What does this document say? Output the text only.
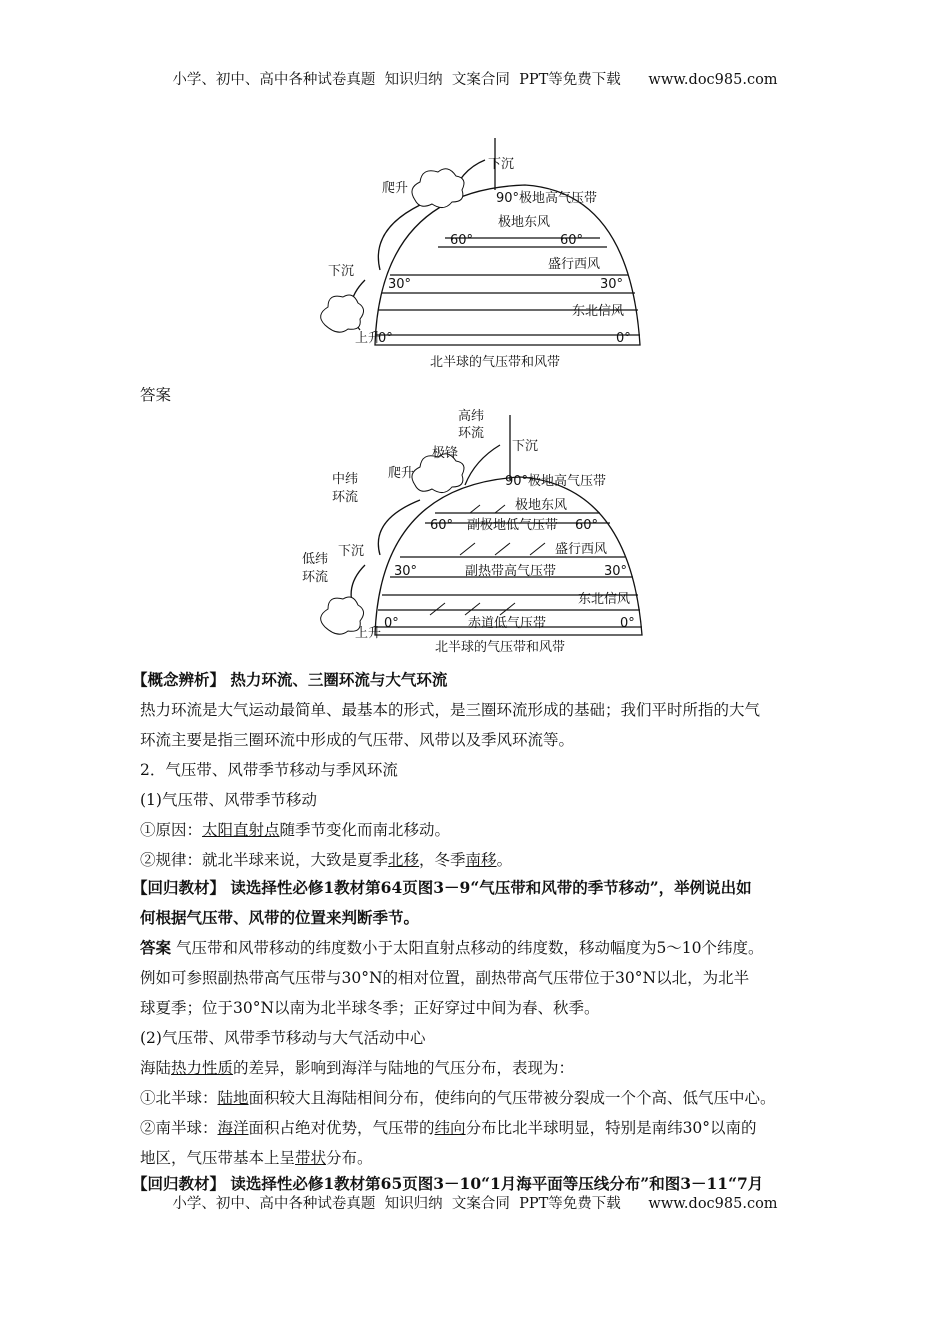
小学、初中、高中各种试卷真题  知识归纳  文案合同  PPT等免费下载      www.doc985.com
下沉
90°极地高气压带
爬升
极地东风
60°	60°
下沉	盛行西风
30°	30°
东北信风
上升
0°	0°
北半球的气压带和风带
答案
高纬
环流
下沉
极锋
中纬
环流
爬升
90°极地高气压带
极地东风
60° 副极地低气压带 60°
低纬
环流
下沉	盛行西风
30°	副热带高气压带	30°
东北信风
上升
0°	赤道低气压带	0°
北半球的气压带和风带
【概念辨析】 热力环流、三圈环流与大气环流
热力环流是大气运动最简单、最基本的形式，是三圈环流形成的基础；我们平时所指的大气
环流主要是指三圈环流中形成的气压带、风带以及季风环流等。
2．气压带、风带季节移动与季风环流
(1)气压带、风带季节移动
①原因：太阳直射点随季节变化而南北移动。
②规律：就北半球来说，大致是夏季北移，冬季南移。
【回归教材】 读选择性必修1教材第64页图3－9“气压带和风带的季节移动”，举例说出如
何根据气压带、风带的位置来判断季节。
答案 气压带和风带移动的纬度数小于太阳直射点移动的纬度数，移动幅度为5～10个纬度。
例如可参照副热带高气压带与30°N的相对位置，副热带高气压带位于30°N以北，为北半
球夏季；位于30°N以南为北半球冬季；正好穿过中间为春、秋季。
(2)气压带、风带季节移动与大气活动中心
海陆热力性质的差异，影响到海洋与陆地的气压分布，表现为：
①北半球：陆地面积较大且海陆相间分布，使纬向的气压带被分裂成一个个高、低气压中心。
②南半球：海洋面积占绝对优势，气压带的纬向分布比北半球明显，特别是南纬30°以南的
地区，气压带基本上呈带状分布。
【回归教材】 读选择性必修1教材第65页图3－10“1月海平面等压线分布”和图3－11“7月
小学、初中、高中各种试卷真题  知识归纳  文案合同  PPT等免费下载      www.doc985.com
